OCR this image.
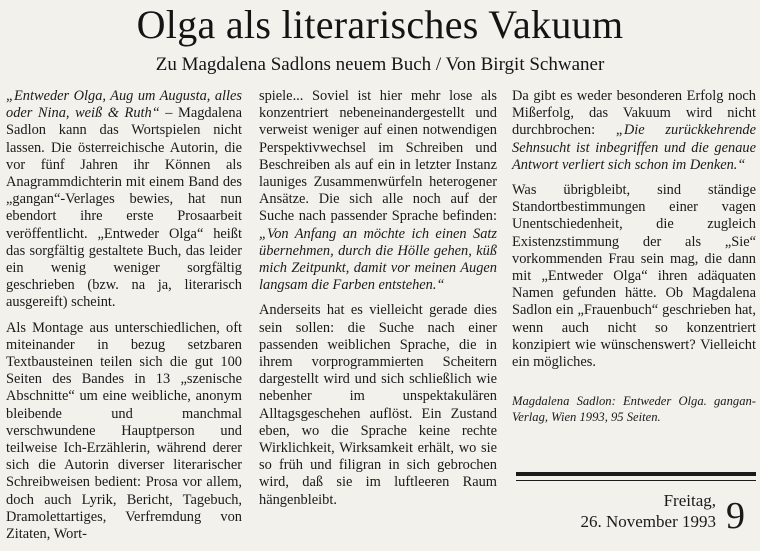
Olga als literarisches Vakuum
Zu Magdalena Sadlons neuem Buch / Von Birgit Schwaner

„Entweder Olga, Aug um Augusta, alles oder Nina, weiß & Ruth“ – Magdalena Sadlon kann das Wortspielen nicht lassen. Die österreichische Autorin, die vor fünf Jahren ihr Können als Anagrammdichterin mit einem Band des „gangan“-Verlages bewies, hat nun ebendort ihre erste Prosaarbeit veröffentlicht. „Entweder Olga“ heißt das sorgfältig gestaltete Buch, das leider ein wenig weniger sorgfältig geschrieben (bzw. na ja, literarisch ausgereift) scheint.

Als Montage aus unterschiedlichen, oft miteinander in bezug setzbaren Textbausteinen teilen sich die gut 100 Seiten des Bandes in 13 „szenische Abschnitte“ um eine weibliche, anonym bleibende und manchmal verschwundene Hauptperson und teilweise Ich-Erzählerin, während derer sich die Autorin diverser literarischer Schreibweisen bedient: Prosa vor allem, doch auch Lyrik, Bericht, Tagebuch, Dramolettartiges, Verfremdung von Zitaten, Wort-

spiele... Soviel ist hier mehr lose als konzentriert nebeneinandergestellt und verweist weniger auf einen notwendigen Perspektivwechsel im Schreiben und Beschreiben als auf ein in letzter Instanz launiges Zusammenwürfeln heterogener Ansätze. Die sich alle noch auf der Suche nach passender Sprache befinden: „Von Anfang an möchte ich einen Satz übernehmen, durch die Hölle gehen, küß mich Zeitpunkt, damit vor meinen Augen langsam die Farben entstehen.“

Anderseits hat es vielleicht gerade dies sein sollen: die Suche nach einer passenden weiblichen Sprache, die in ihrem vorprogrammierten Scheitern dargestellt wird und sich schließlich wie nebenher im unspektakulären Alltagsgeschehen auflöst. Ein Zustand eben, wo die Sprache keine rechte Wirklichkeit, Wirksamkeit erhält, wo sie so früh und filigran in sich gebrochen wird, daß sie im luftleeren Raum hängenbleibt.

Da gibt es weder besonderen Erfolg noch Mißerfolg, das Vakuum wird nicht durchbrochen: „Die zurückkehrende Sehnsucht ist inbegriffen und die genaue Antwort verliert sich schon im Denken.“

Was übrigbleibt, sind ständige Standortbestimmungen einer vagen Unentschiedenheit, die zugleich Existenzstimmung der als „Sie“ vorkommenden Frau sein mag, die dann mit „Entweder Olga“ ihren adäquaten Namen gefunden hätte. Ob Magdalena Sadlon ein „Frauenbuch“ geschrieben hat, wenn auch nicht so konzentriert konzipiert wie wünschenswert? Vielleicht ein mögliches.

Magdalena Sadlon: Entweder Olga. gangan-Verlag, Wien 1993, 95 Seiten.
Freitag,
26. November 1993 9
